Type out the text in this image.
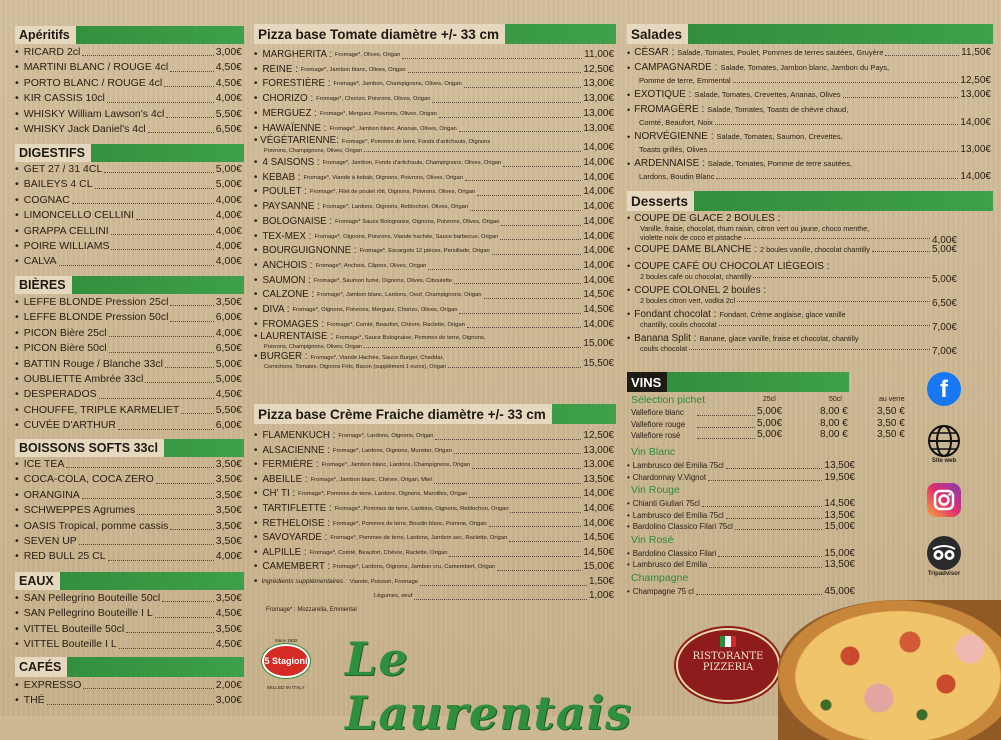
Apéritifs
• RICARD 2cl	3,00€
• MARTINI BLANC / ROUGE 4cl	4,50€
• PORTO BLANC / ROUGE 4cl	4,50€
• KIR CASSIS 10cl	4,00€
• WHISKY William Lawson's 4cl	5,50€
• WHISKY Jack Daniel's 4cl	6,50€
DIGESTIFS
• GET 27 / 31 4CL	5,00€
• BAILEYS 4 CL	5,00€
• COGNAC	4,00€
• LIMONCELLO CELLINI	4,00€
• GRAPPA CELLINI	4,00€
• POIRE WILLIAMS	4,00€
• CALVA	4,00€
BIÈRES
• LEFFE BLONDE Pression 25cl	3,50€
• LEFFE BLONDE Pression 50cl	6,00€
• PICON Bière 25cl	4,00€
• PICON Bière 50cl	6,50€
• BATTIN Rouge / Blanche 33cl	5,00€
• OUBLIETTE Ambrée 33cl	5,00€
• DESPERADOS	4,50€
• CHOUFFE, TRIPLE KARMELIET	5,50€
• CUVÉE D'ARTHUR	6,00€
BOISSONS SOFTS 33cl
• ICE TEA	3,50€
• COCA-COLA, COCA ZERO	3,50€
• ORANGINA	3,50€
• SCHWEPPES Agrumes	3,50€
• OASIS Tropical, pomme cassis	3,50€
• SEVEN UP	3,50€
• RED BULL 25 CL	4,00€
EAUX
• SAN Pellegrino Bouteille 50cl	3,50€
• SAN Pellegrino Bouteille I L	4,50€
• VITTEL Bouteille 50cl	3,50€
• VITTEL Bouteille I L	4,50€
CAFÉS
• EXPRESSO	2,00€
• THÉ	3,00€
Pizza base Tomate diamètre +/- 33 cm
• MARGHERITA : Fromage*, Olives, Origan	11,00€
• REINE : Fromage*, Jambon blanc, Olives, Origan	12,50€
• FORESTIÈRE : Fromage*, Jambon, Champignons, Olives, Origan	13,00€
• CHORIZO : Fromage*, Chorizo, Poivrons, Olives, Origan	13,00€
• MERGUEZ : Fromage*, Merguez, Poivrons, Olives, Origan	13,00€
• HAWAÏENNE : Fromage*, Jambon blanc, Ananas, Olives, Origan	13,00€
• VÉGÉTARIENNE: Fromage*, Pommes de terre, Fonds d'artichauts, Oignons
Poivrons, Champignons, Olives, Origan	14,00€
• 4 SAISONS : Fromage*, Jambon, Fonds d'artichauts, Champignons, Olives, Origan	14,00€
• KEBAB : Fromage*, Viande à kebab, Oignons, Poivrons, Olives, Origan	14,00€
• POULET : Fromage*, Filet de poulet rôti, Oignons, Poivrons, Olives, Origan	14,00€
• PAYSANNE : Fromage*, Lardons, Oignons, Reblochon, Olives, Origan	14,00€
• BOLOGNAISE : Fromage* Sauce Bolognaise, Oignons, Poivrons, Olives, Origan	14,00€
• TEX-MEX : Fromage*, Oignons, Poivrons, Viande hachée, Sauce barbecue, Origan	14,00€
• BOURGUIGNONNE : Fromage*, Escargots 12 pièces, Persillade, Origan	14,00€
• ANCHOIS : Fromage*, Anchois, Câpres, Olives, Origan	14,00€
• SAUMON : Fromage*, Saumon fumé, Oignons, Olives, Ciboulette	14,00€
• CALZONE : Fromage*, Jambon blanc, Lardons, Oeuf, Champignons, Origan	14,50€
• DIVA : Fromage*, Oignons, Poivrons, Merguez, Chorizo, Olives, Origan	14,50€
• FROMAGES : Fromage*, Comté, Beaufort, Chèvre, Raclette, Origan	14,00€
• LAURENTAISE : Fromage*, Sauce Bolognaise, Pommes de terre, Oignons,
Poivrons, Champignons, Olives, Origan	15,00€
• BURGER : Fromage*, Viande Hachée, Sauce Burger, Cheddar,
Cornichons, Tomates, Oignons Frits, Bacon (supplément 1 euros), Origan	15,50€
Pizza base Crème Fraiche diamètre +/- 33 cm
• FLAMENKUCH : Fromage*, Lardons, Oignons, Origan	12,50€
• ALSACIENNE : Fromage*, Lardons, Oignons, Munster, Origan	13,00€
• FERMIÈRE : Fromage*, Jambon blanc, Lardons, Champignons, Origan	13,00€
• ABEILLE : Fromage*, Jambon blanc, Chèvre, Origan, Miel	13,50€
• CH' TI : Fromage*, Pommes de terre, Lardons, Oignons, Maroilles, Origan	14,00€
• TARTIFLETTE : Fromage*, Pommes de terre, Lardons, Oignons, Reblochon, Origan	14,00€
• RETHELOISE : Fromage*, Pommes de terre, Boudin blanc, Pomme, Origan	14,00€
• SAVOYARDE : Fromage*, Pommes de terre, Lardons, Jambon sec, Raclette, Origan	14,50€
• ALPILLE : Fromage*, Comté, Beaufort, Chèvre, Raclette, Origan	14,50€
• CAMEMBERT : Fromage*, Lardons, Oignons, Jambon cru, Camembert, Origan	15,00€
• Ingrédients supplémentaires : Viande, Poisson, Fromage	1,50€
Légumes, oeuf	1,00€
Fromage* : Mozzarella, Emmental
Salades
• CÉSAR : Salade, Tomates, Poulet, Pommes de terres sautées, Gruyère	11,50€
• CAMPAGNARDE : Salade, Tomates, Jambon blanc, Jambon du Pays,
Pomme de terre, Emmental	12,50€
• EXOTIQUE : Salade, Tomates, Crevettes, Ananas, Olives	13,00€
• FROMAGÈRE : Salade, Tomates, Toasts de chèvre chaud,
Comté, Beaufort, Noix	14,00€
• NORVÉGIENNE : Salade, Tomates, Saumon, Crevettes,
Toasts grillés, Olives	13,00€
• ARDENNAISE : Salade, Tomates, Pomme de terre sautées,
Lardons, Boudin Blanc	14,00€
Desserts
• COUPE DE GLACE 2 BOULES :
Vanille, fraise, chocolat, rhum raisin, citron vert ou jaune, choco menthe,
violette noix de coco et pistache	4,00€
• COUPE DAME BLANCHE : 2 boules vanille, chocolat chantilly	5,00€
• COUPE CAFÉ OU CHOCOLAT LIÉGEOIS :
2 boules café ou chocolat, chantilly	5,00€
• COUPE COLONEL 2 boules :
2 boules citron vert, vodka 2cl	6,50€
• Fondant chocolat : Fondant, Crème anglaise, glace vanille
chantilly, coulis chocolat	7,00€
• Banana Split : Banane, glace vanille, fraise et chocolat, chantilly
coulis chocolat	7,00€
VINS
Sélection pichet	25cl	50cl	au verre
Vallefiore blanc	5,00€	8,00 €	3,50 €
Vallefiore rouge	5,00€	8,00 €	3,50 €
Vallefiore rosé	5,00€	8,00 €	3,50 €
Vin Blanc
• Lambrusco del Emilia 75cl	13,50€
• Chardonnay V.Vignot	19,50€
Vin Rouge
• Chianti Giuliari 75cl	14,50€
• Lambrusco del Emilia 75cl	13,50€
• Bardolino Classico Filari 75cl	15,00€
Vin Rosé
• Bardolino Classico Filari	15,00€
• Lambrusco del Emilia	13,50€
Champagne
• Champagne 75 cl	45,00€
f
Site web
Tripadvisor
Since 1932
5 Stagioni
MILLED IN ITALY
Le Laurentais
RISTORANTE
PIZZERIA
